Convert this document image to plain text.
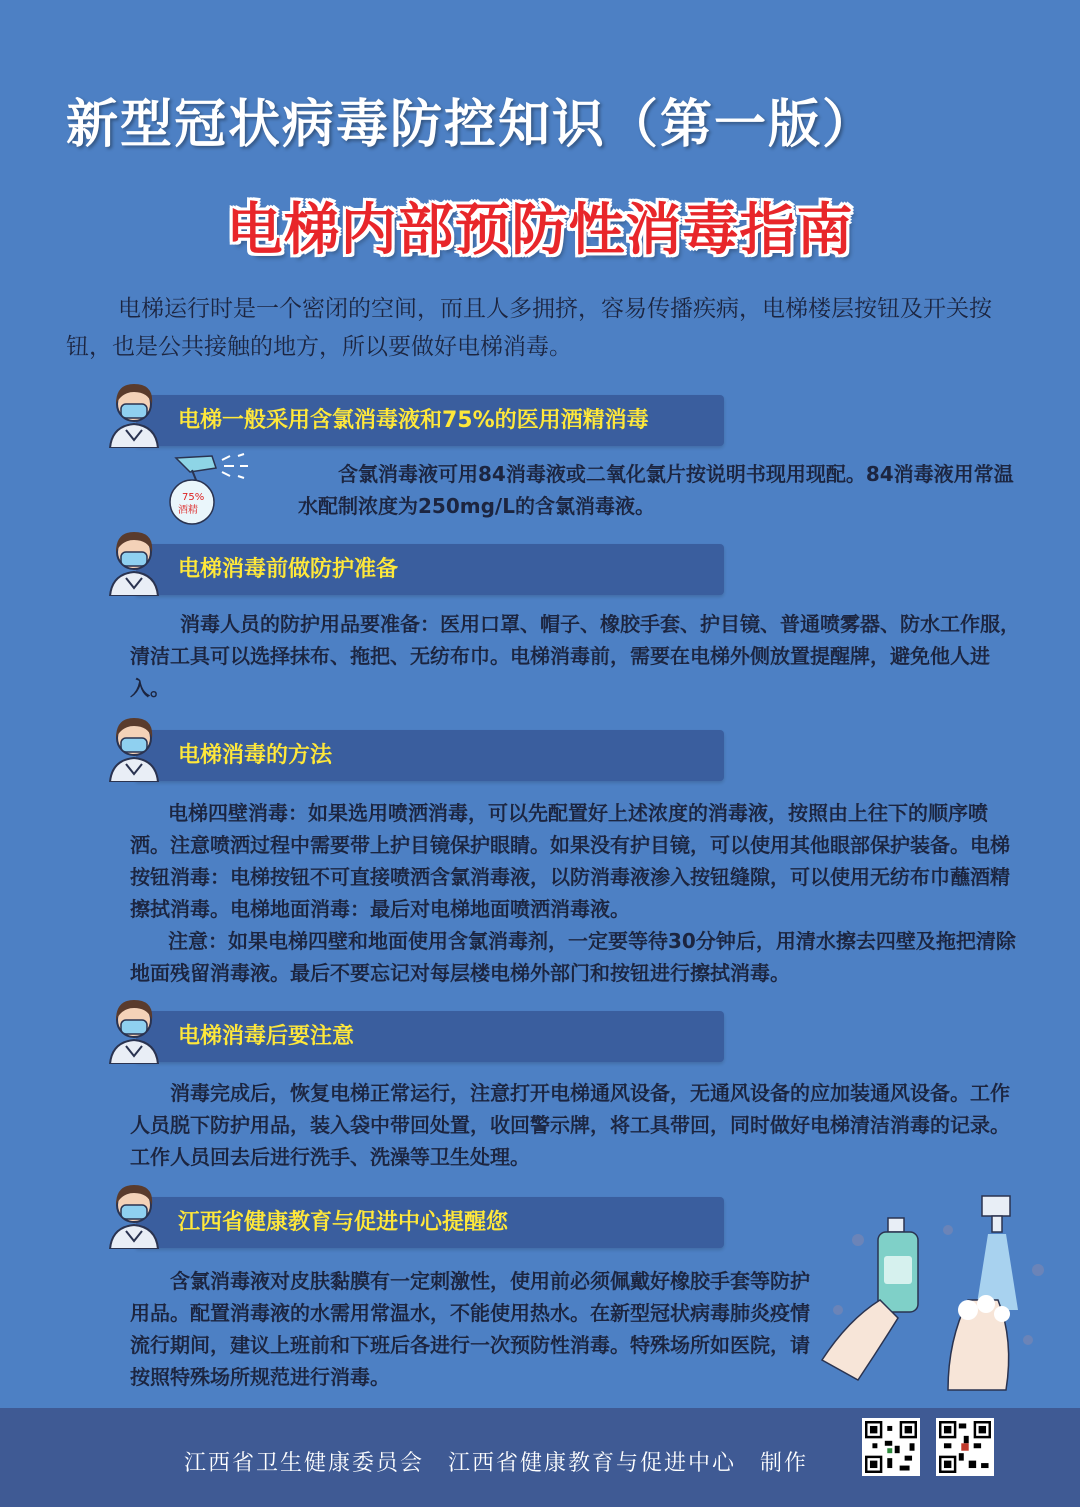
新型冠状病毒防控知识（第一版）
电梯内部预防性消毒指南

电梯运行时是一个密闭的空间，而且人多拥挤，容易传播疾病，电梯楼层按钮及开关按钮，也是公共接触的地方，所以要做好电梯消毒。

电梯一般采用含氯消毒液和75%的医用酒精消毒
75%
酒精

含氯消毒液可用84消毒液或二氧化氯片按说明书现用现配。84消毒液用常温水配制浓度为250mg/L的含氯消毒液。

电梯消毒前做防护准备

消毒人员的防护用品要准备：医用口罩、帽子、橡胶手套、护目镜、普通喷雾器、防水工作服，清洁工具可以选择抹布、拖把、无纺布巾。电梯消毒前，需要在电梯外侧放置提醒牌，避免他人进入。

电梯消毒的方法

电梯四壁消毒：如果选用喷洒消毒，可以先配置好上述浓度的消毒液，按照由上往下的顺序喷洒。注意喷洒过程中需要带上护目镜保护眼睛。如果没有护目镜，可以使用其他眼部保护装备。电梯按钮消毒：电梯按钮不可直接喷洒含氯消毒液，以防消毒液渗入按钮缝隙，可以使用无纺布巾蘸酒精擦拭消毒。电梯地面消毒：最后对电梯地面喷洒消毒液。

注意：如果电梯四壁和地面使用含氯消毒剂，一定要等待30分钟后，用清水擦去四壁及拖把清除地面残留消毒液。最后不要忘记对每层楼电梯外部门和按钮进行擦拭消毒。

电梯消毒后要注意

消毒完成后，恢复电梯正常运行，注意打开电梯通风设备，无通风设备的应加装通风设备。工作人员脱下防护用品，装入袋中带回处置，收回警示牌，将工具带回，同时做好电梯清洁消毒的记录。工作人员回去后进行洗手、洗澡等卫生处理。

江西省健康教育与促进中心提醒您

含氯消毒液对皮肤黏膜有一定刺激性，使用前必须佩戴好橡胶手套等防护用品。配置消毒液的水需用常温水，不能使用热水。在新型冠状病毒肺炎疫情流行期间，建议上班前和下班后各进行一次预防性消毒。特殊场所如医院，请按照特殊场所规范进行消毒。

江西省卫生健康委员会　江西省健康教育与促进中心　制作
